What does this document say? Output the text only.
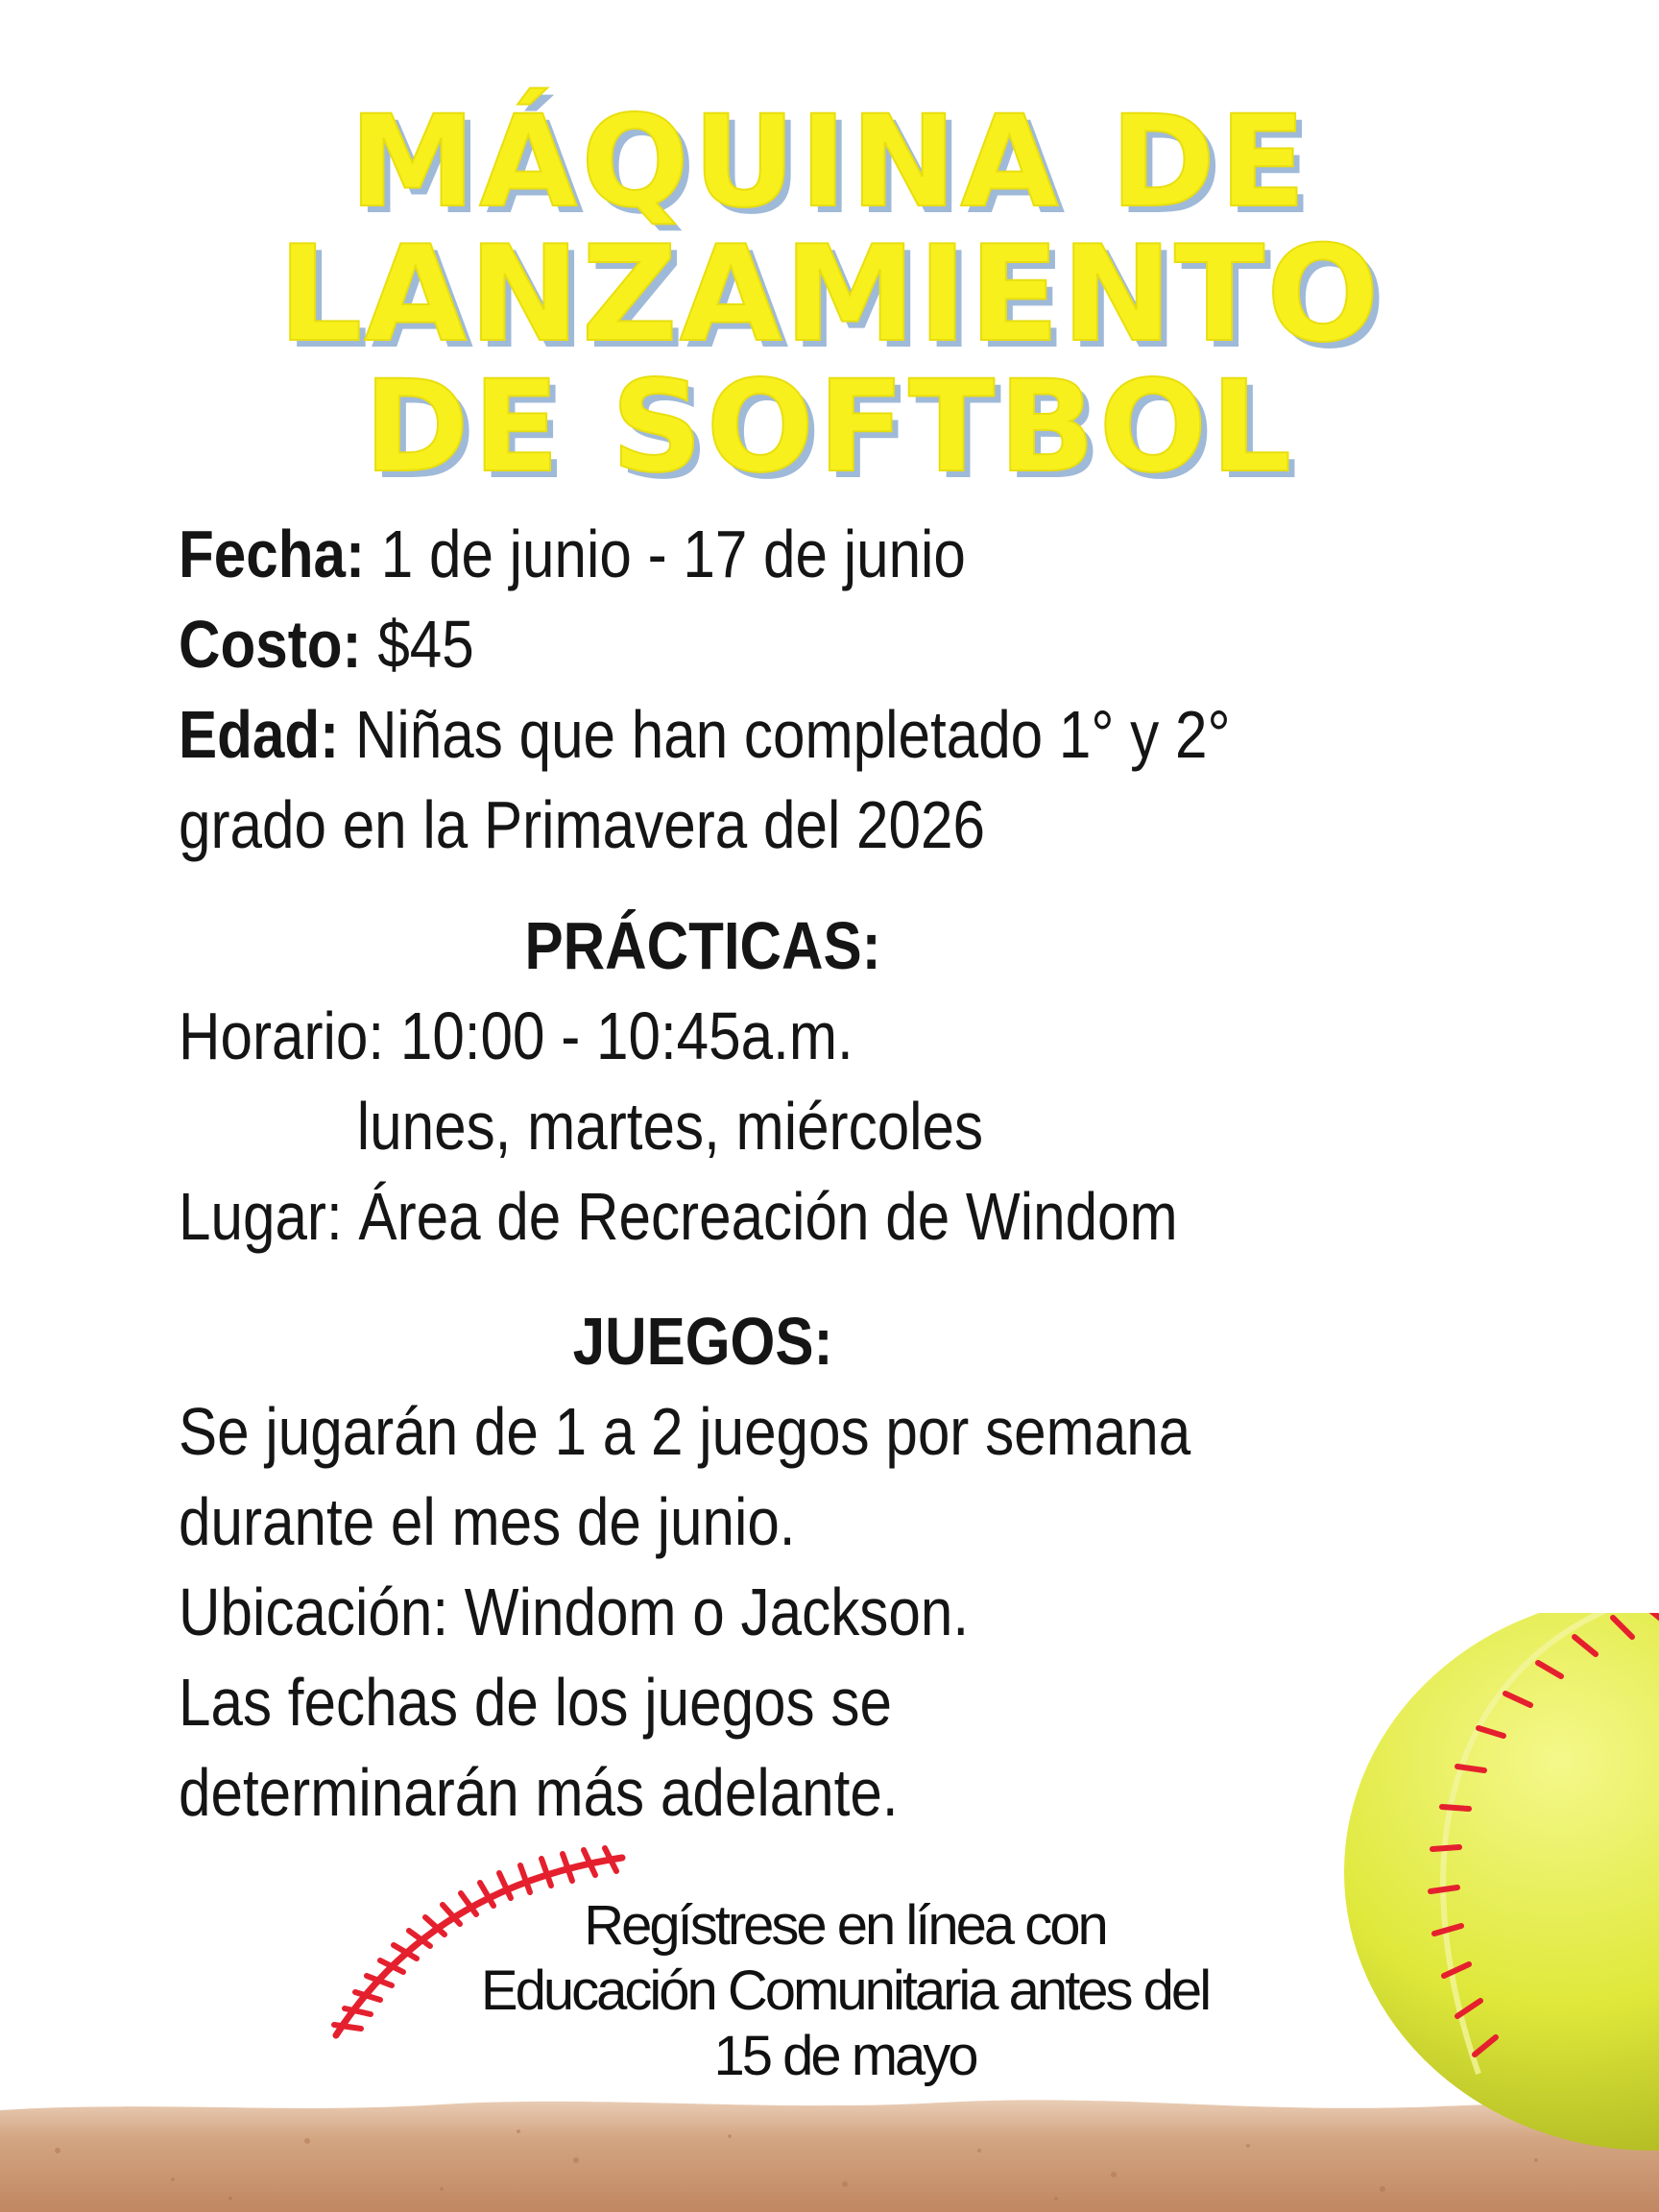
MÁQUINA DE
LANZAMIENTO
DE SOFTBOL

Fecha: 1 de junio - 17 de junio

Costo: $45

Edad: Niñas que han completado 1° y 2°

grado en la Primavera del 2026

PRÁCTICAS:

Horario: 10:00 - 10:45a.m.

lunes, martes, miércoles

Lugar: Área de Recreación de Windom

JUEGOS:

Se jugarán de 1 a 2 juegos por semana

durante el mes de junio.

Ubicación: Windom o Jackson.

Las fechas de los juegos se

determinarán más adelante.

Regístrese en línea con

Educación Comunitaria antes del

15 de mayo
